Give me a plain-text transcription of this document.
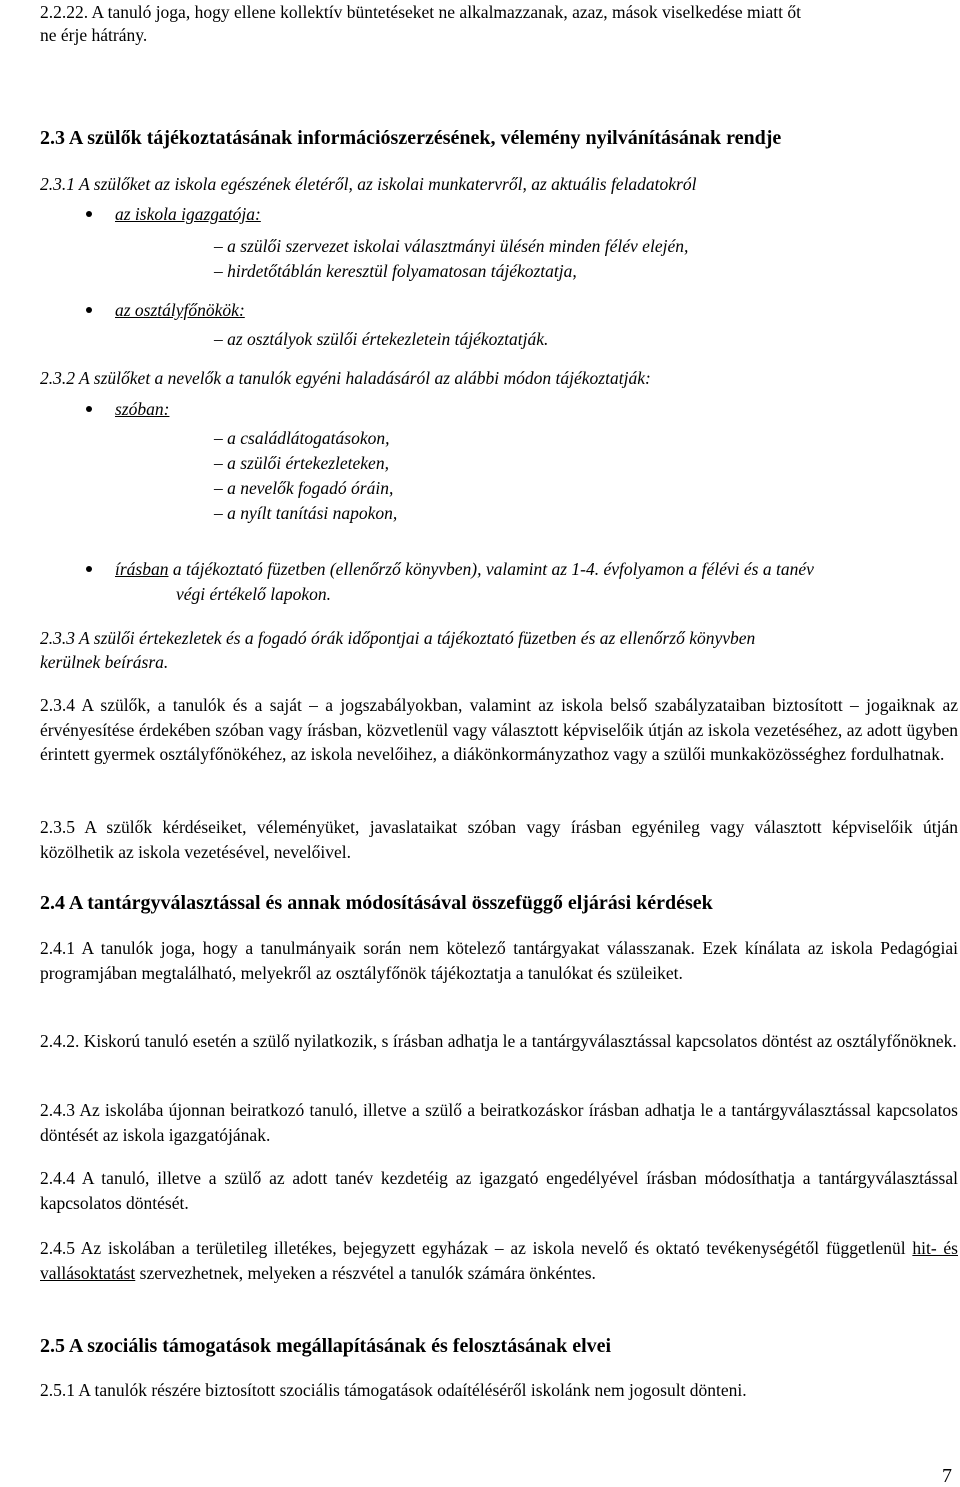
2.2.22. A tanuló joga, hogy ellene kollektív büntetéseket ne alkalmazzanak, azaz, mások viselkedése miatt őt
ne érje hátrány.
2.3 A szülők tájékoztatásának információszerzésének, vélemény nyilvánításának rendje
2.3.1 A szülőket az iskola egészének életéről, az iskolai munkatervről, az aktuális feladatokról
az iskola igazgatója:
– a szülői szervezet iskolai választmányi ülésén minden félév elején,
– hirdetőtáblán keresztül folyamatosan tájékoztatja,
az osztályfőnökök:
– az osztályok szülői értekezletein tájékoztatják.
2.3.2 A szülőket a nevelők a tanulók egyéni haladásáról az alábbi módon tájékoztatják:
szóban:
– a családlátogatásokon,
– a szülői értekezleteken,
– a nevelők fogadó óráin,
– a nyílt tanítási napokon,
írásban a tájékoztató füzetben (ellenőrző könyvben), valamint az 1-4. évfolyamon a félévi és a tanév
végi értékelő lapokon.
2.3.3 A szülői értekezletek és a fogadó órák időpontjai a tájékoztató füzetben és az ellenőrző könyvben
kerülnek beírásra.
2.3.4 A szülők, a tanulók és a saját – a jogszabályokban, valamint az iskola belső szabályzataiban biztosított – jogaiknak az érvényesítése érdekében szóban vagy írásban, közvetlenül vagy választott képviselőik útján az iskola vezetéséhez, az adott ügyben érintett gyermek osztályfőnökéhez, az iskola nevelőihez, a diákönkormányzathoz vagy a szülői munkaközösséghez fordulhatnak.
2.3.5 A szülők kérdéseiket, véleményüket, javaslataikat szóban vagy írásban egyénileg vagy választott képviselőik útján közölhetik az iskola vezetésével, nevelőivel.
2.4 A tantárgyválasztással és annak módosításával összefüggő eljárási kérdések
2.4.1 A tanulók joga, hogy a tanulmányaik során nem kötelező tantárgyakat válasszanak. Ezek kínálata az iskola Pedagógiai programjában megtalálható, melyekről az osztályfőnök tájékoztatja a tanulókat és szüleiket.
2.4.2. Kiskorú tanuló esetén a szülő nyilatkozik, s írásban adhatja le a tantárgyválasztással kapcsolatos döntést az osztályfőnöknek.
2.4.3 Az iskolába újonnan beiratkozó tanuló, illetve a szülő a beiratkozáskor írásban adhatja le a tantárgyválasztással kapcsolatos döntését az iskola igazgatójának.
2.4.4 A tanuló, illetve a szülő az adott tanév kezdetéig az igazgató engedélyével írásban módosíthatja a tantárgyválasztással kapcsolatos döntését.
2.4.5 Az iskolában a területileg illetékes, bejegyzett egyházak – az iskola nevelő és oktató tevékenységétől függetlenül hit- és vallásoktatást szervezhetnek, melyeken a részvétel a tanulók számára önkéntes.
2.5 A szociális támogatások megállapításának és felosztásának elvei
2.5.1 A tanulók részére biztosított szociális támogatások odaítéléséről iskolánk nem jogosult dönteni.
7
